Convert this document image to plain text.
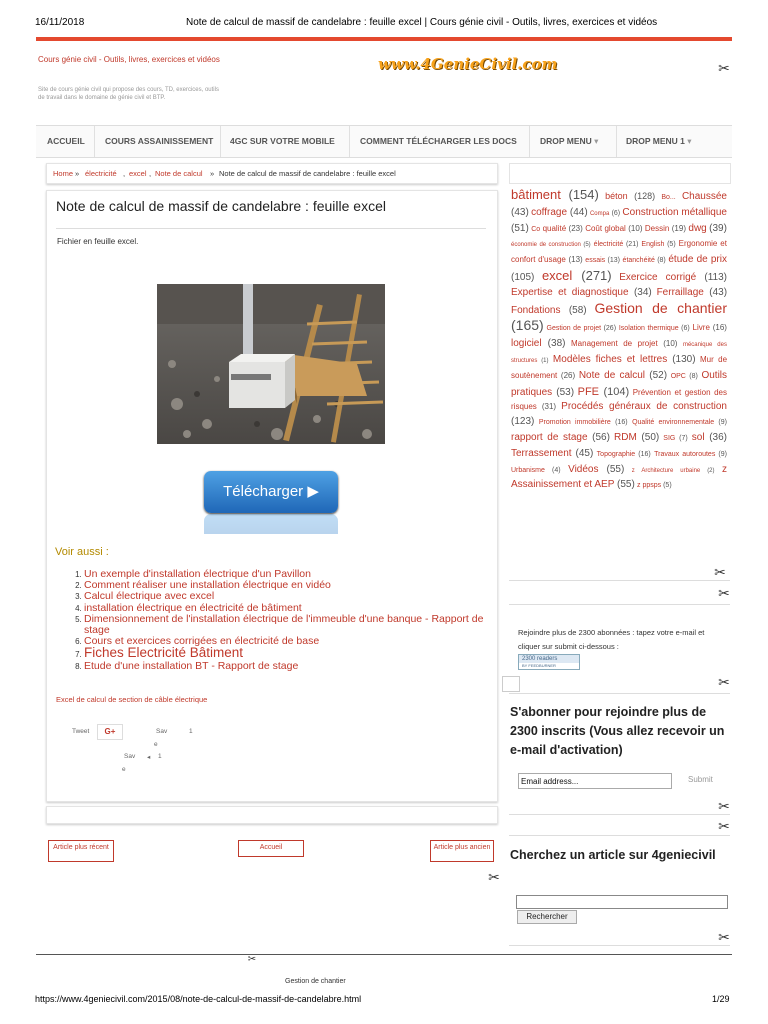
16/11/2018	Note de calcul de massif de candelabre : feuille excel | Cours génie civil - Outils, livres, exercices et vidéos
Cours génie civil - Outils, livres, exercices et vidéos
Site de cours génie civil qui propose des cours, TD, exercices, outils de travail dans le domaine de génie civil et BTP.
www.4GenieCivil.com	✂
ACCUEIL COURS ASSAINISSEMENT 4GC SUR VOTRE MOBILE	COMMENT TÉLÉCHARGER LES DOCS	DROP MENU ▾	DROP MENU 1 ▾
Home » électricité , excel , Note de calcul » Note de calcul de massif de candelabre : feuille excel
Note de calcul de massif de candelabre : feuille excel
Fichier en feuille excel.
Télécharger ▶
Voir aussi :
1. Un exemple d'installation électrique d'un Pavillon
2. Comment réaliser une installation électrique en vidéo
3. Calcul électrique avec excel
4. installation électrique en électricité de bâtiment
5. Dimensionnement de l'installation électrique de l'immeuble d'une banque - Rapport de stage
6. Cours et exercices corrigées en électricité de base
7. Fiches Electricité Bâtiment
8. Etude d'une installation BT - Rapport de stage
Excel de calcul de section de câble électrique
Tweet	G+	Sav	1
e
Sav ◂ 1
e
Article plus récent	Accueil	Article plus ancien
✂
bâtiment (154) béton (128) Bo... Chaussée (43) coffrage (44) Compa (6) Construction métallique (51) Co qualité (23) Coût global (10) Dessin (19) dwg (39) économie de construction (5) électricité (21) English (5) Ergonomie et confort d'usage (13) essais (13) étanchéité (8) étude de prix (105) excel (271) Exercice corrigé (113) Expertise et diagnostique (34) Ferraillage (43) Fondations (58) Gestion de chantier (165) Gestion de projet (26) Isolation thermique (6) Livre (16) logiciel (38) Management de projet (10) mécanique des structures (1) Modèles fiches et lettres (130) Mur de soutènement (26) Note de calcul (52) OPC (8) Outils pratiques (53) PFE (104) Prévention et gestion des risques (31) Procédés généraux de construction (123) Promotion immobilière (16) Qualité environnementale (9) rapport de stage (56) RDM (50) SIG (7) sol (36) Terrassement (45) Topographie (16) Travaux autoroutes (9) Urbanisme (4) Vidéos (55) z Architecture urbaine (2) z Assainissement et AEP (55) z ppsps (5)
✂
✂
Rejoindre plus de 2300 abonnées : tapez votre e-mail et cliquer sur submit ci-dessous :
2300 readers
BY FEEDBURNER
✂
S'abonner pour rejoindre plus de 2300 inscrits (Vous allez recevoir un e-mail d'activation)
Email address...	Submit
✂
✂
Cherchez un article sur 4geniecivil
Rechercher
✂
✂
Gestion de chantier
https://www.4geniecivil.com/2015/08/note-de-calcul-de-massif-de-candelabre.html	1/29
